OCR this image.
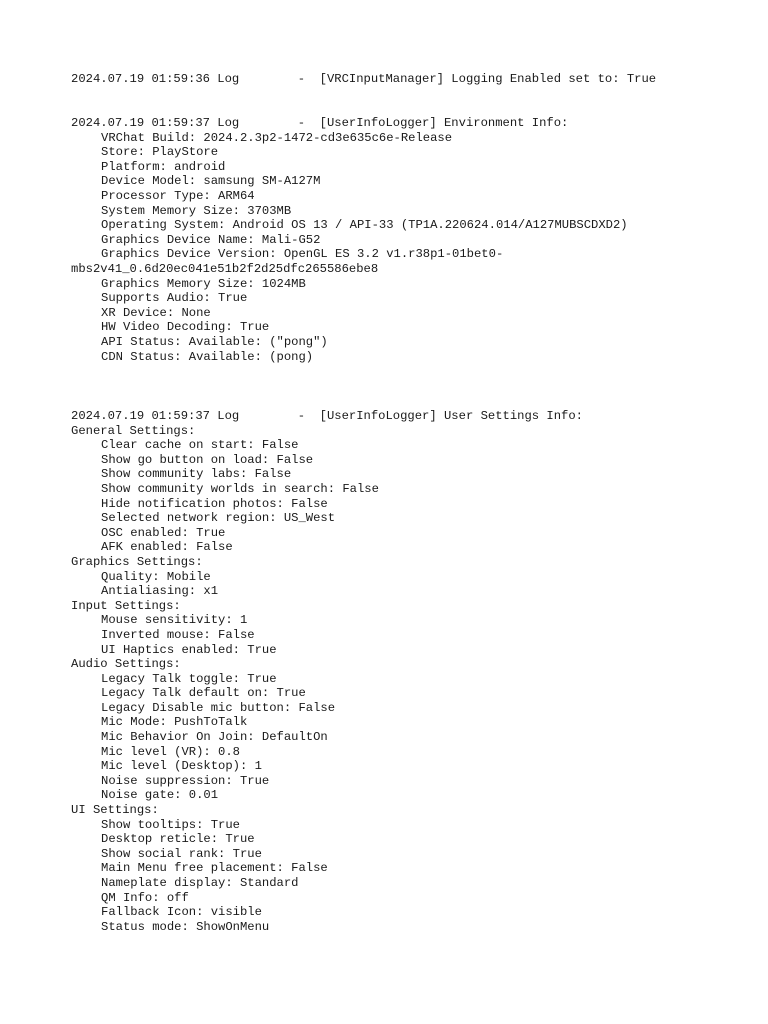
2024.07.19 01:59:36 Log        -  [VRCInputManager] Logging Enabled set to: True
2024.07.19 01:59:37 Log        -  [UserInfoLogger] Environment Info:
VRChat Build: 2024.2.3p2-1472-cd3e635c6e-Release
Store: PlayStore
Platform: android
Device Model: samsung SM-A127M
Processor Type: ARM64
System Memory Size: 3703MB
Operating System: Android OS 13 / API-33 (TP1A.220624.014/A127MUBSCDXD2)
Graphics Device Name: Mali-G52
Graphics Device Version: OpenGL ES 3.2 v1.r38p1-01bet0-
mbs2v41_0.6d20ec041e51b2f2d25dfc265586ebe8
Graphics Memory Size: 1024MB
Supports Audio: True
XR Device: None
HW Video Decoding: True
API Status: Available: ("pong")
CDN Status: Available: (pong)
2024.07.19 01:59:37 Log        -  [UserInfoLogger] User Settings Info:
General Settings:
Clear cache on start: False
Show go button on load: False
Show community labs: False
Show community worlds in search: False
Hide notification photos: False
Selected network region: US_West
OSC enabled: True
AFK enabled: False
Graphics Settings:
Quality: Mobile
Antialiasing: x1
Input Settings:
Mouse sensitivity: 1
Inverted mouse: False
UI Haptics enabled: True
Audio Settings:
Legacy Talk toggle: True
Legacy Talk default on: True
Legacy Disable mic button: False
Mic Mode: PushToTalk
Mic Behavior On Join: DefaultOn
Mic level (VR): 0.8
Mic level (Desktop): 1
Noise suppression: True
Noise gate: 0.01
UI Settings:
Show tooltips: True
Desktop reticle: True
Show social rank: True
Main Menu free placement: False
Nameplate display: Standard
QM Info: off
Fallback Icon: visible
Status mode: ShowOnMenu
